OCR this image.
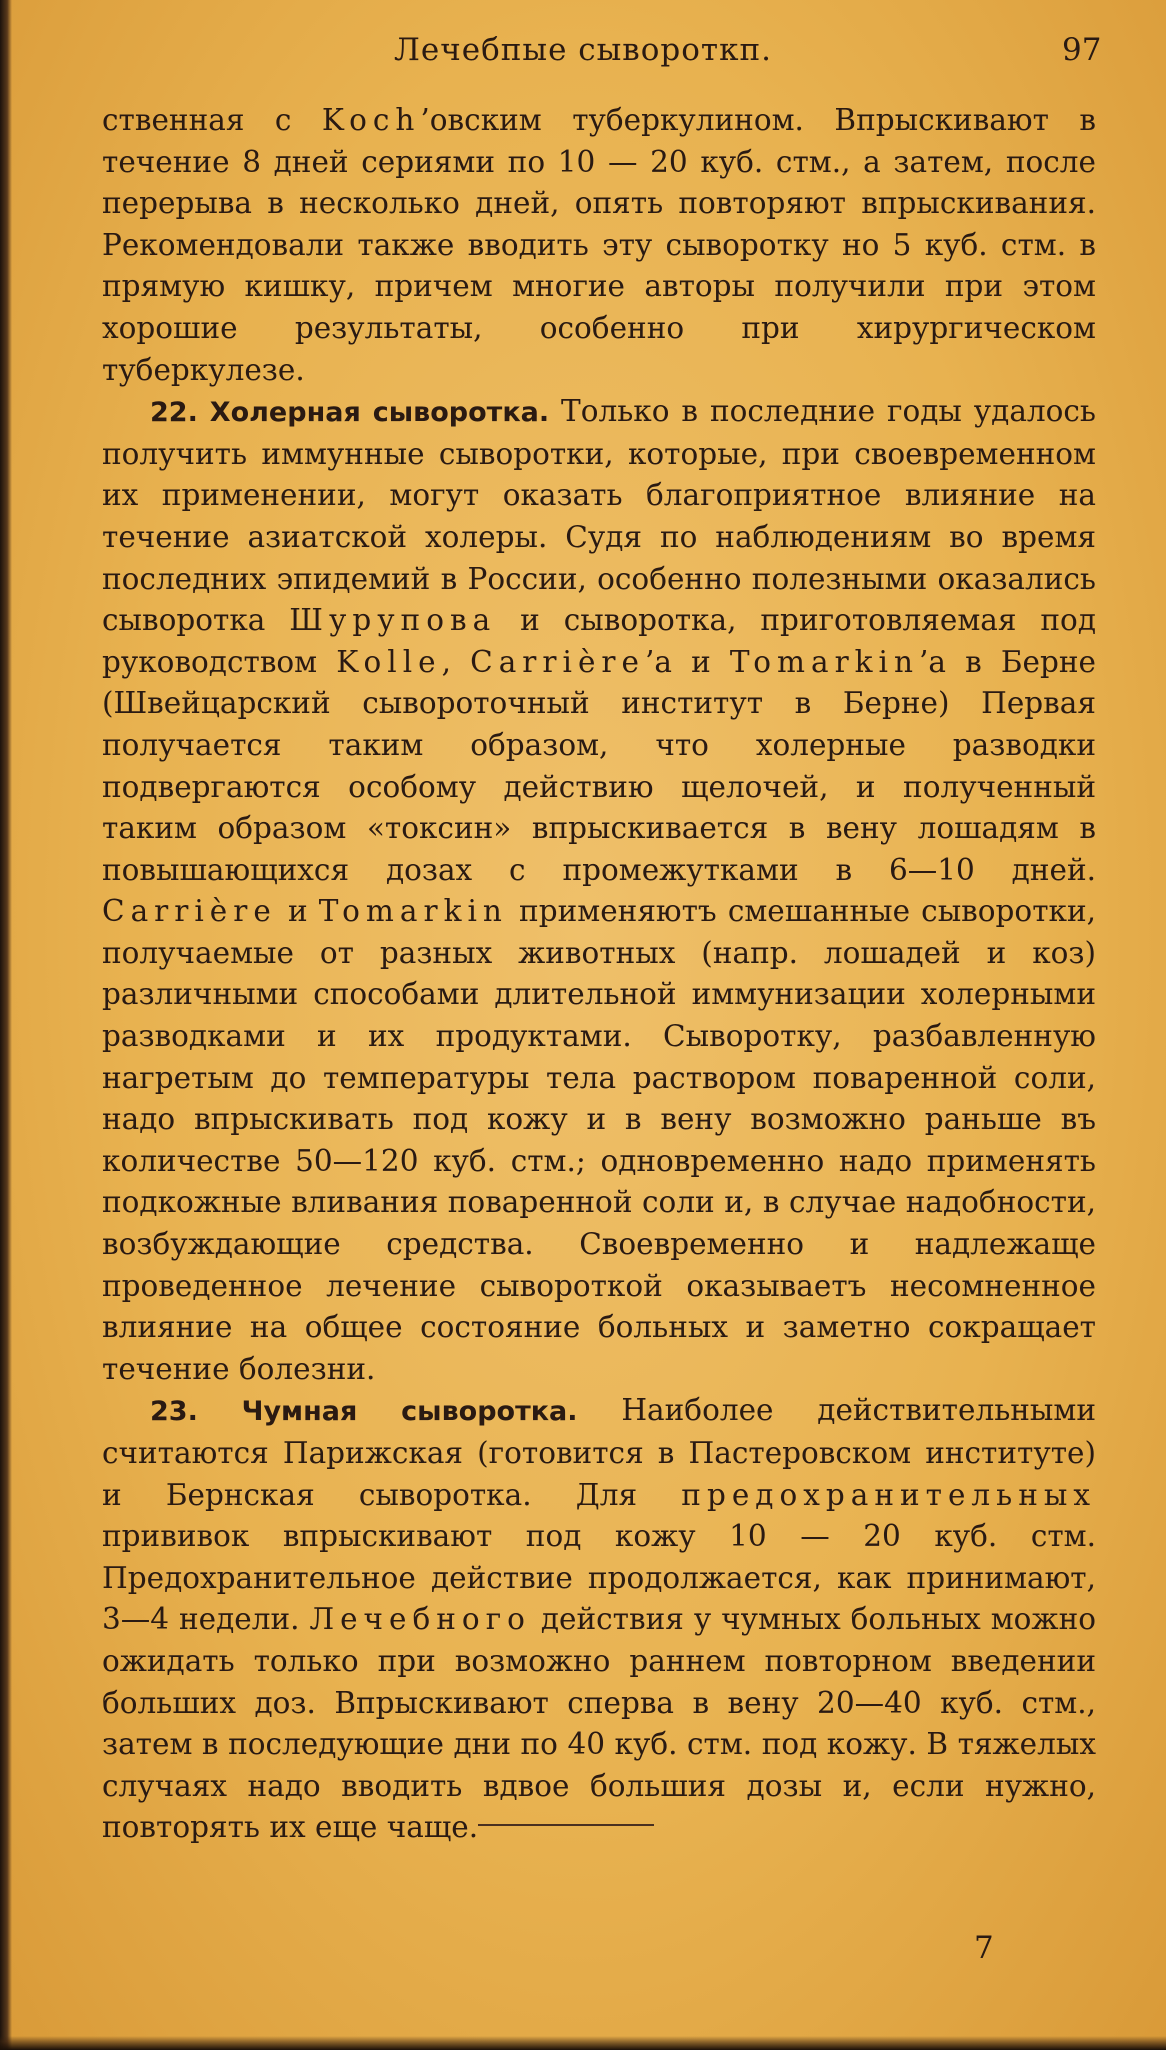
Лечебпые сывороткп.	97

ственная с Koch’овским туберкулином. Впрыскивают в течение 8 дней сериями по 10 — 20 куб. стм., а затем, после перерыва в несколько дней, опять повторяют впрыскивания. Рекомендовали также вводить эту сыворотку но 5 куб. стм. в прямую кишку, причем многие авторы получили при этом хорошие результаты, особенно при хирургическом туберкулезе.

22. Холерная сыворотка. Только в последние годы удалось получить иммунные сыворотки, которые, при своевременном их применении, могут оказать благоприятное влияние на течение азиатской холеры. Судя по наблюдениям во время последних эпидемий в России, особенно полезными оказались сыворотка Шурупова и сыворотка, приготовляемая под руководством Kolle, Carrière’а и Tomarkin’а в Берне (Швейцарский сывороточный институт в Берне) Первая получается таким образом, что холерные разводки подвергаются особому действию щелочей, и полученный таким образом «токсин» впрыскивается в вену лошадям в повышающихся дозах с промежутками в 6—10 дней. Carrière и Tomarkin применяютъ смешанные сыворотки, получаемые от разных животных (напр. лошадей и коз) различными способами длительной иммунизации холерными разводками и их продуктами. Сыворотку, разбавленную нагретым до температуры тела раствором поваренной соли, надо впрыскивать под кожу и в вену возможно раньше въ количестве 50—120 куб. стм.; одновременно надо применять подкожные вливания поваренной соли и, в случае надобности, возбуждающие средства. Своевременно и надлежаще проведенное лечение сывороткой оказываетъ несомненное влияние на общее состояние больных и заметно сокращает течение болезни.

23. Чумная сыворотка. Наиболее действительными считаются Парижская (готовится в Пастеровском институте) и Бернская сыворотка. Для предохранительных прививок впрыскивают под кожу 10 — 20 куб. стм. Предохранительное действие продолжается, как принимают, 3—4 недели. Лечебного действия у чумных больных можно ожидать только при возможно раннем повторном введении больших доз. Впрыскивают сперва в вену 20—40 куб. стм., затем в последующие дни по 40 куб. стм. под кожу. В тяжелых случаях надо вводить вдвое большия дозы и, если нужно, повторять их еще чаще.

7
